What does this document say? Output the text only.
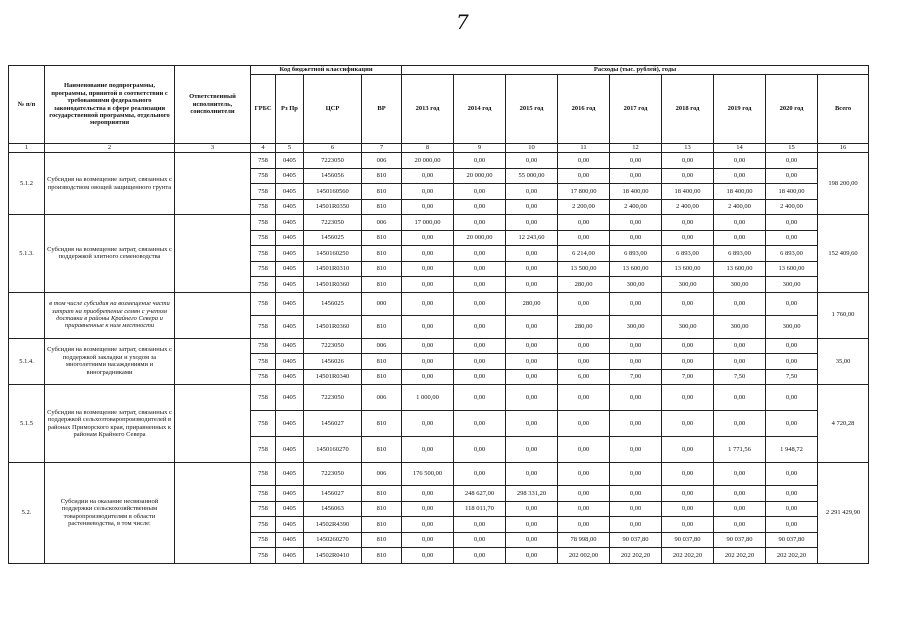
7
№ п/п	Наименование подпрограммы, программы, принятой в соответствии с требованиями федерального законодательства в сфере реализации государственной программы, отдельного мероприятия	Ответственный исполнитель, соисполнители	Код бюджетной классификации				Расходы (тыс. рублей), годы								
			ГРБС	Рз Пр	ЦСР	ВР	2013 год	2014 год	2015 год	2016 год	2017 год	2018 год	2019 год	2020 год	Всего
1	2	3	4	5	6	7	8	9	10	11	12	13	14	15	16
5.1.2	Субсидия на возмещение затрат, связанных с производством овощей защищенного грунта		758	0405	7223050	006	20 000,00	0,00	0,00	0,00	0,00	0,00	0,00	0,00	198 200,00
			758	0405	1456056	810	0,00	20 000,00	55 000,00	0,00	0,00	0,00	0,00	0,00	
			758	0405	1450160560	810	0,00	0,00	0,00	17 800,00	18 400,00	18 400,00	18 400,00	18 400,00	
			758	0405	14501R0350	810	0,00	0,00	0,00	2 200,00	2 400,00	2 400,00	2 400,00	2 400,00	
5.1.3.	Субсидия на возмещение затрат, связанных с поддержкой элитного семеноводства		758	0405	7223050	006	17 000,00	0,00	0,00	0,00	0,00	0,00	0,00	0,00	152 409,60
			758	0405	1456025	810	0,00	20 000,00	12 243,60	0,00	0,00	0,00	0,00	0,00	
			758	0405	1450160250	810	0,00	0,00	0,00	6 214,00	6 893,00	6 893,00	6 893,00	6 893,00	
			758	0405	14501R0310	810	0,00	0,00	0,00	13 500,00	13 600,00	13 600,00	13 600,00	13 600,00	
			758	0405	14501R0360	810	0,00	0,00	0,00	280,00	300,00	300,00	300,00	300,00	
	в том числе субсидия на возмещение части затрат на приобретение семян с учетом доставки в районы Крайнего Севера и приравненные к ним местности		758	0405	1456025	000	0,00	0,00	280,00	0,00	0,00	0,00	0,00	0,00	1 760,00
			758	0405	14501R0360	810	0,00	0,00	0,00	280,00	300,00	300,00	300,00	300,00	
5.1.4.	Субсидия на возмещение затрат, связанных с поддержкой закладки и уходом за многолетними насаждениями и виноградниками		758	0405	7223050	006	0,00	0,00	0,00	0,00	0,00	0,00	0,00	0,00	35,00
			758	0405	1456026	810	0,00	0,00	0,00	0,00	0,00	0,00	0,00	0,00	
			758	0405	14501R0340	810	0,00	0,00	0,00	6,00	7,00	7,00	7,50	7,50	
5.1.5	Субсидия на возмещение затрат, связанных с поддержкой сельхозтоваропроизводителей в районах Приморского края, приравненных к районам Крайнего Севера		758	0405	7223050	006	1 000,00	0,00	0,00	0,00	0,00	0,00	0,00	0,00	4 720,28
			758	0405	1456027	810	0,00	0,00	0,00	0,00	0,00	0,00	0,00	0,00	
			758	0405	1450160270	810	0,00	0,00	0,00	0,00	0,00	0,00	1 771,56	1 948,72	
5.2.	Субсидии на оказание несвязанной поддержки сельскохозяйственным товаропроизводителям в области растениеводства, в том числе:		758	0405	7223050	006	176 500,00	0,00	0,00	0,00	0,00	0,00	0,00	0,00	2 291 429,90
			758	0405	1456027	810	0,00	248 627,00	298 331,20	0,00	0,00	0,00	0,00	0,00	
			758	0405	1456063	810	0,00	118 011,70	0,00	0,00	0,00	0,00	0,00	0,00	
			758	0405	14502R4390	810	0,00	0,00	0,00	0,00	0,00	0,00	0,00	0,00	
			758	0405	1450260270	810	0,00	0,00	0,00	78 998,00	90 037,80	90 037,80	90 037,80	90 037,80	
			758	0405	14502R0410	810	0,00	0,00	0,00	202 002,00	202 202,20	202 202,20	202 202,20	202 202,20	
